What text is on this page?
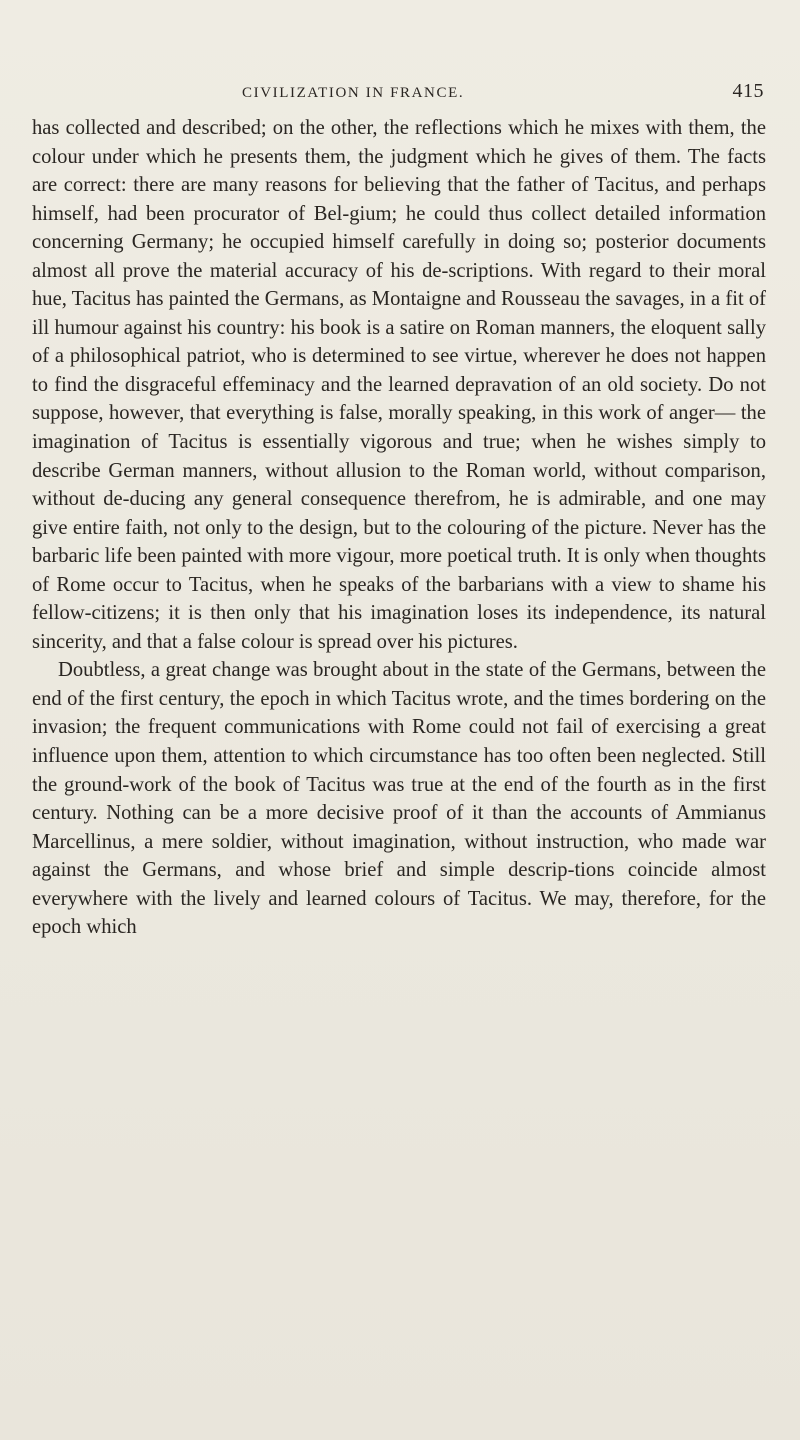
CIVILIZATION IN FRANCE.	415

has collected and described; on the other, the reflections which he mixes with them, the colour under which he presents them, the judgment which he gives of them. The facts are correct: there are many reasons for believing that the father of Tacitus, and perhaps himself, had been procurator of Bel-gium; he could thus collect detailed information concerning Germany; he occupied himself carefully in doing so; posterior documents almost all prove the material accuracy of his de-scriptions. With regard to their moral hue, Tacitus has painted the Germans, as Montaigne and Rousseau the savages, in a fit of ill humour against his country: his book is a satire on Roman manners, the eloquent sally of a philosophical patriot, who is determined to see virtue, wherever he does not happen to find the disgraceful effeminacy and the learned depravation of an old society. Do not suppose, however, that everything is false, morally speaking, in this work of anger— the imagination of Tacitus is essentially vigorous and true; when he wishes simply to describe German manners, without allusion to the Roman world, without comparison, without de-ducing any general consequence therefrom, he is admirable, and one may give entire faith, not only to the design, but to the colouring of the picture. Never has the barbaric life been painted with more vigour, more poetical truth. It is only when thoughts of Rome occur to Tacitus, when he speaks of the barbarians with a view to shame his fellow-citizens; it is then only that his imagination loses its independence, its natural sincerity, and that a false colour is spread over his pictures.

Doubtless, a great change was brought about in the state of the Germans, between the end of the first century, the epoch in which Tacitus wrote, and the times bordering on the invasion; the frequent communications with Rome could not fail of exercising a great influence upon them, attention to which circumstance has too often been neglected. Still the ground-work of the book of Tacitus was true at the end of the fourth as in the first century. Nothing can be a more decisive proof of it than the accounts of Ammianus Marcellinus, a mere soldier, without imagination, without instruction, who made war against the Germans, and whose brief and simple descrip-tions coincide almost everywhere with the lively and learned colours of Tacitus. We may, therefore, for the epoch which
